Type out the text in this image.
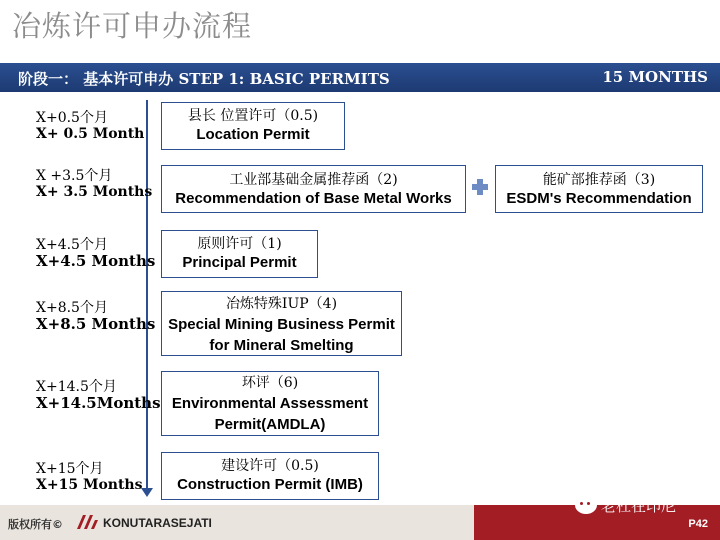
冶炼许可申办流程
阶段一： 基本许可申办 STEP 1: BASIC PERMITS	15 MONTHS
X+0.5个月
X+ 0.5 Month
X +3.5个月
X+ 3.5 Months
X+4.5个月
X+4.5 Months
X+8.5个月
X+8.5 Months
X+14.5个月
X+14.5Months
X+15个月
X+15 Months
县长 位置许可（0.5)
Location Permit
工业部基础金属推荐函（2)
Recommendation of Base Metal Works
能矿部推荐函（3)
ESDM's Recommendation
原则许可（1)
Principal Permit
冶炼特殊IUP（4)
Special Mining Business Permit for Mineral Smelting
环评（6)
Environmental Assessment Permit(AMDLA)
建设许可（0.5)
Construction Permit (IMB)
版权所有©	KONUTARASEJATI	P42
老杜在印尼
